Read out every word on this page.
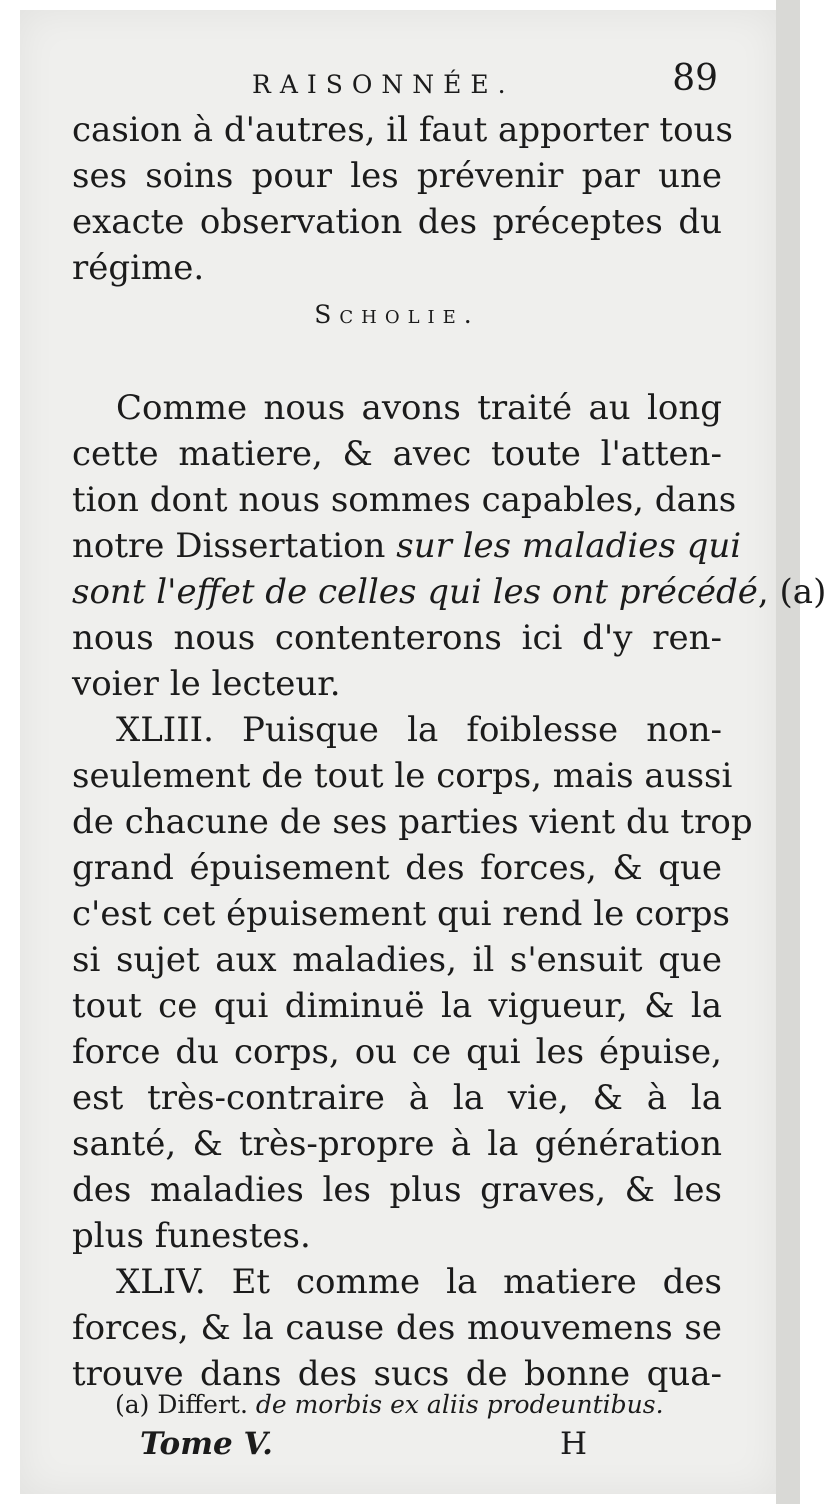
RAISONNÉE.	89
casion à d'autres, il faut apporter tous
ses soins pour les prévenir par une
exacte observation des préceptes du
régime.
Scholie.
Comme nous avons traité au long
cette matiere, & avec toute l'atten-
tion dont nous sommes capables, dans
notre Dissertation sur les maladies qui
sont l'effet de celles qui les ont précédé, (a)
nous nous contenterons ici d'y ren-
voier le lecteur.
XLIII. Puisque la foiblesse non-
seulement de tout le corps, mais aussi
de chacune de ses parties vient du trop
grand épuisement des forces, & que
c'est cet épuisement qui rend le corps
si sujet aux maladies, il s'ensuit que
tout ce qui diminuë la vigueur, & la
force du corps, ou ce qui les épuise,
est très-contraire à la vie, & à la
santé, & très-propre à la génération
des maladies les plus graves, & les
plus funestes.
XLIV. Et comme la matiere des
forces, & la cause des mouvemens se
trouve dans des sucs de bonne qua-
(a) Differt. de morbis ex aliis prodeuntibus.
Tome V.	H
